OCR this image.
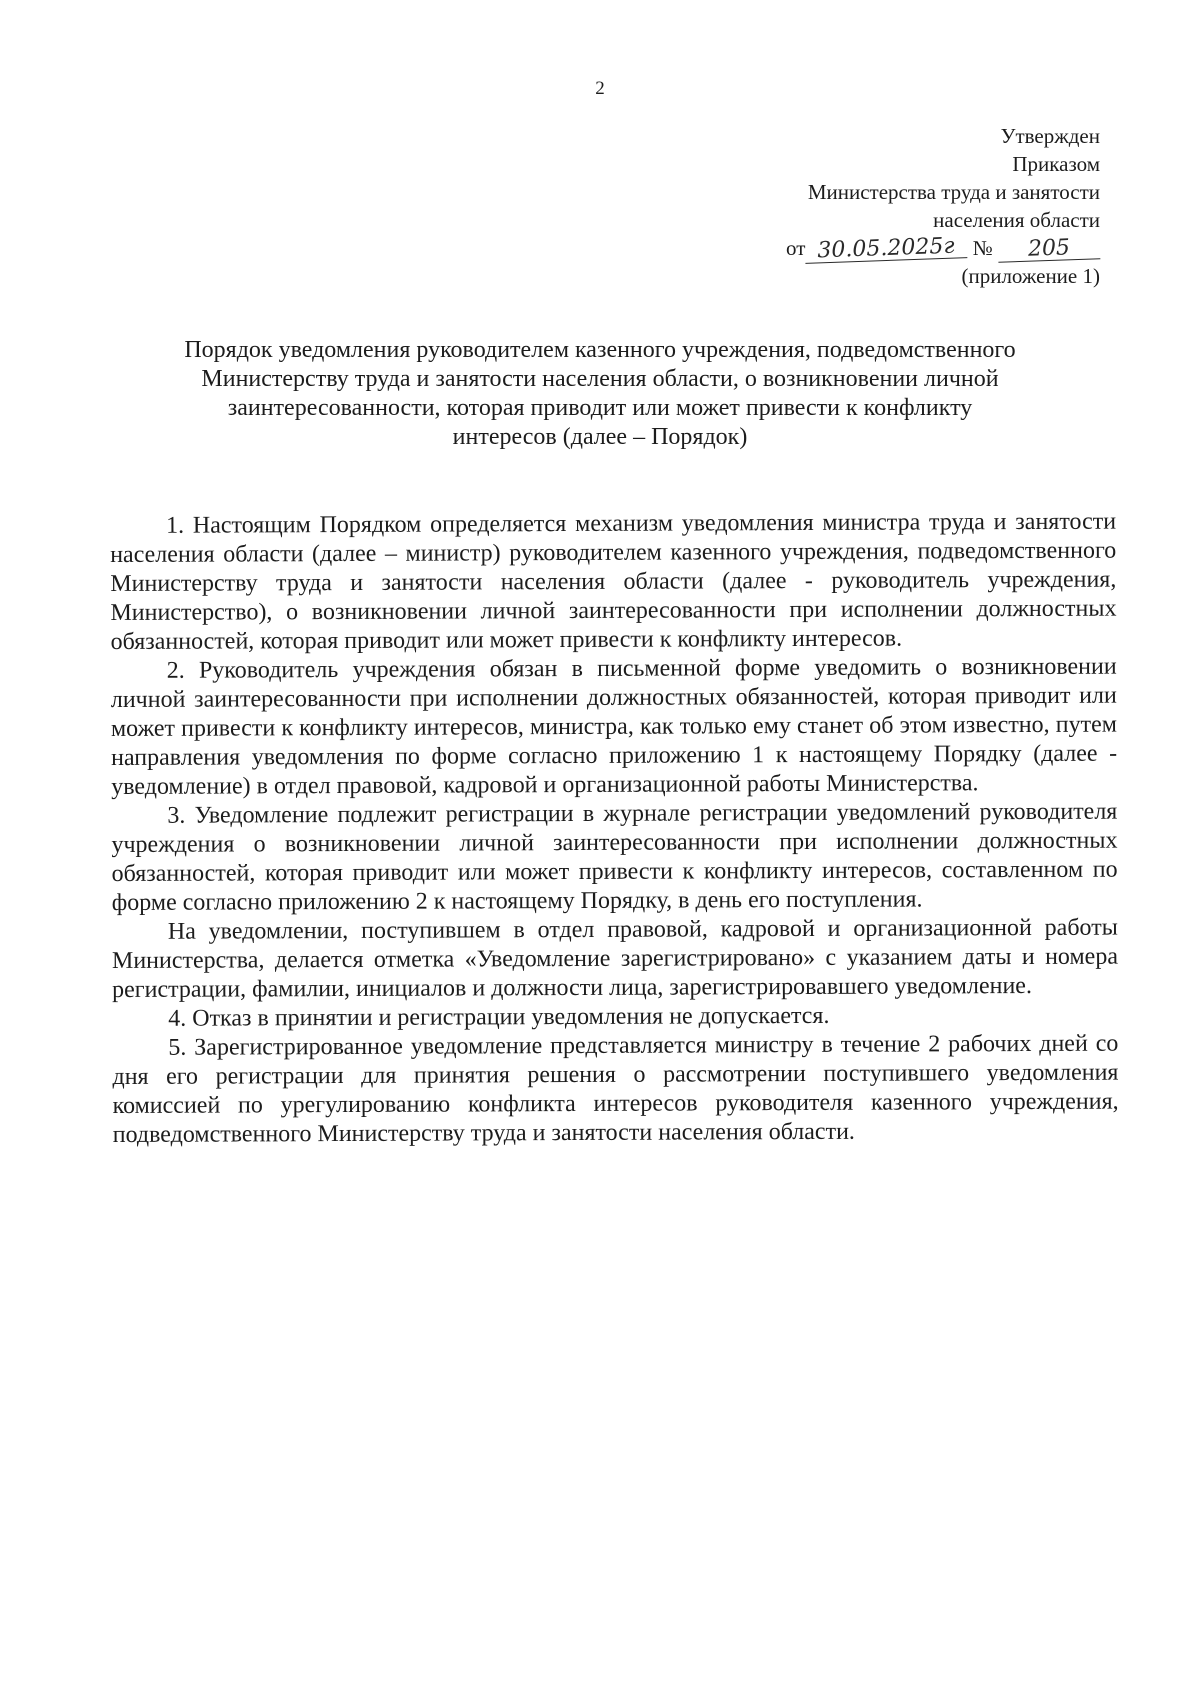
2
Утвержден
Приказом
Министерства труда и занятости
населения области
от 30.05.2025г № 205
(приложение 1)
Порядок уведомления руководителем казенного учреждения, подведомственного
Министерству труда и занятости населения области, о возникновении личной
заинтересованности, которая приводит или может привести к конфликту
интересов (далее – Порядок)

1. Настоящим Порядком определяется механизм уведомления министра труда и занятости населения области (далее – министр) руководителем казенного учреждения, подведомственного Министерству труда и занятости населения области (далее - руководитель учреждения, Министерство), о возникновении личной заинтересованности при исполнении должностных обязанностей, которая приводит или может привести к конфликту интересов.

2. Руководитель учреждения обязан в письменной форме уведомить о возникновении личной заинтересованности при исполнении должностных обязанностей, которая приводит или может привести к конфликту интересов, министра, как только ему станет об этом известно, путем направления уведомления по форме согласно приложению 1 к настоящему Порядку (далее - уведомление) в отдел правовой, кадровой и организационной работы Министерства.

3. Уведомление подлежит регистрации в журнале регистрации уведомлений руководителя учреждения о возникновении личной заинтересованности при исполнении должностных обязанностей, которая приводит или может привести к конфликту интересов, составленном по форме согласно приложению 2 к настоящему Порядку, в день его поступления.

На уведомлении, поступившем в отдел правовой, кадровой и организационной работы Министерства, делается отметка «Уведомление зарегистрировано» с указанием даты и номера регистрации, фамилии, инициалов и должности лица, зарегистрировавшего уведомление.

4. Отказ в принятии и регистрации уведомления не допускается.

5. Зарегистрированное уведомление представляется министру в течение 2 рабочих дней со дня его регистрации для принятия решения о рассмотрении поступившего уведомления комиссией по урегулированию конфликта интересов руководителя казенного учреждения, подведомственного Министерству труда и занятости населения области.
